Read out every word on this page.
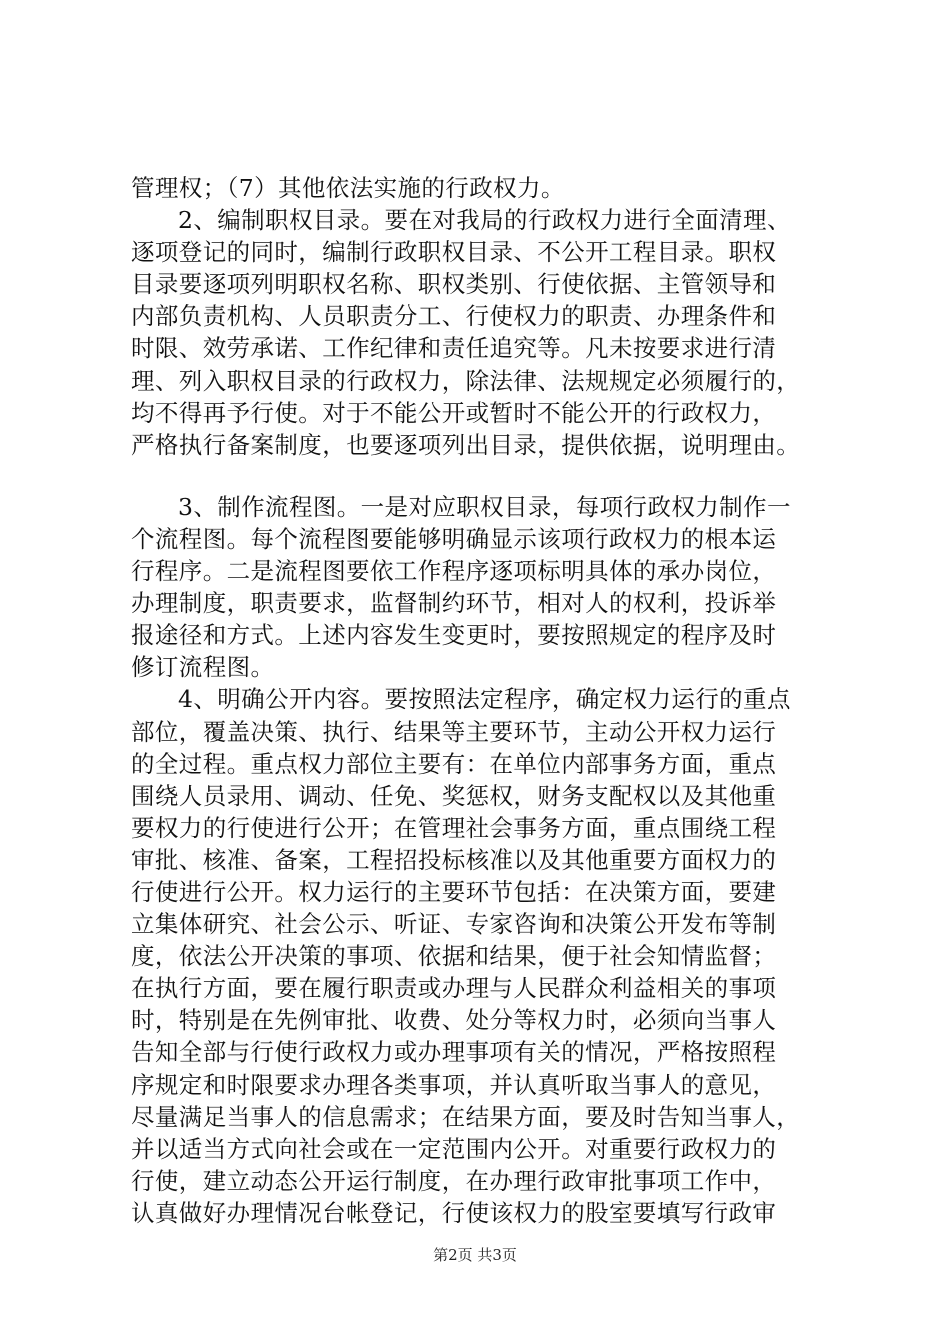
管理权；（7）其他依法实施的行政权力。
2、编制职权目录。要在对我局的行政权力进行全面清理、
逐项登记的同时，编制行政职权目录、不公开工程目录。职权
目录要逐项列明职权名称、职权类别、行使依据、主管领导和
内部负责机构、人员职责分工、行使权力的职责、办理条件和
时限、效劳承诺、工作纪律和责任追究等。凡未按要求进行清
理、列入职权目录的行政权力，除法律、法规规定必须履行的，
均不得再予行使。对于不能公开或暂时不能公开的行政权力，
严格执行备案制度，也要逐项列出目录，提供依据，说明理由。
3、制作流程图。一是对应职权目录，每项行政权力制作一
个流程图。每个流程图要能够明确显示该项行政权力的根本运
行程序。二是流程图要依工作程序逐项标明具体的承办岗位，
办理制度，职责要求，监督制约环节，相对人的权利，投诉举
报途径和方式。上述内容发生变更时，要按照规定的程序及时
修订流程图。
4、明确公开内容。要按照法定程序，确定权力运行的重点
部位，覆盖决策、执行、结果等主要环节，主动公开权力运行
的全过程。重点权力部位主要有：在单位内部事务方面，重点
围绕人员录用、调动、任免、奖惩权，财务支配权以及其他重
要权力的行使进行公开；在管理社会事务方面，重点围绕工程
审批、核准、备案，工程招投标核准以及其他重要方面权力的
行使进行公开。权力运行的主要环节包括：在决策方面，要建
立集体研究、社会公示、听证、专家咨询和决策公开发布等制
度，依法公开决策的事项、依据和结果，便于社会知情监督；
在执行方面，要在履行职责或办理与人民群众利益相关的事项
时，特别是在先例审批、收费、处分等权力时，必须向当事人
告知全部与行使行政权力或办理事项有关的情况，严格按照程
序规定和时限要求办理各类事项，并认真听取当事人的意见，
尽量满足当事人的信息需求；在结果方面，要及时告知当事人，
并以适当方式向社会或在一定范围内公开。对重要行政权力的
行使，建立动态公开运行制度，在办理行政审批事项工作中，
认真做好办理情况台帐登记，行使该权力的股室要填写行政审
第2页 共3页
